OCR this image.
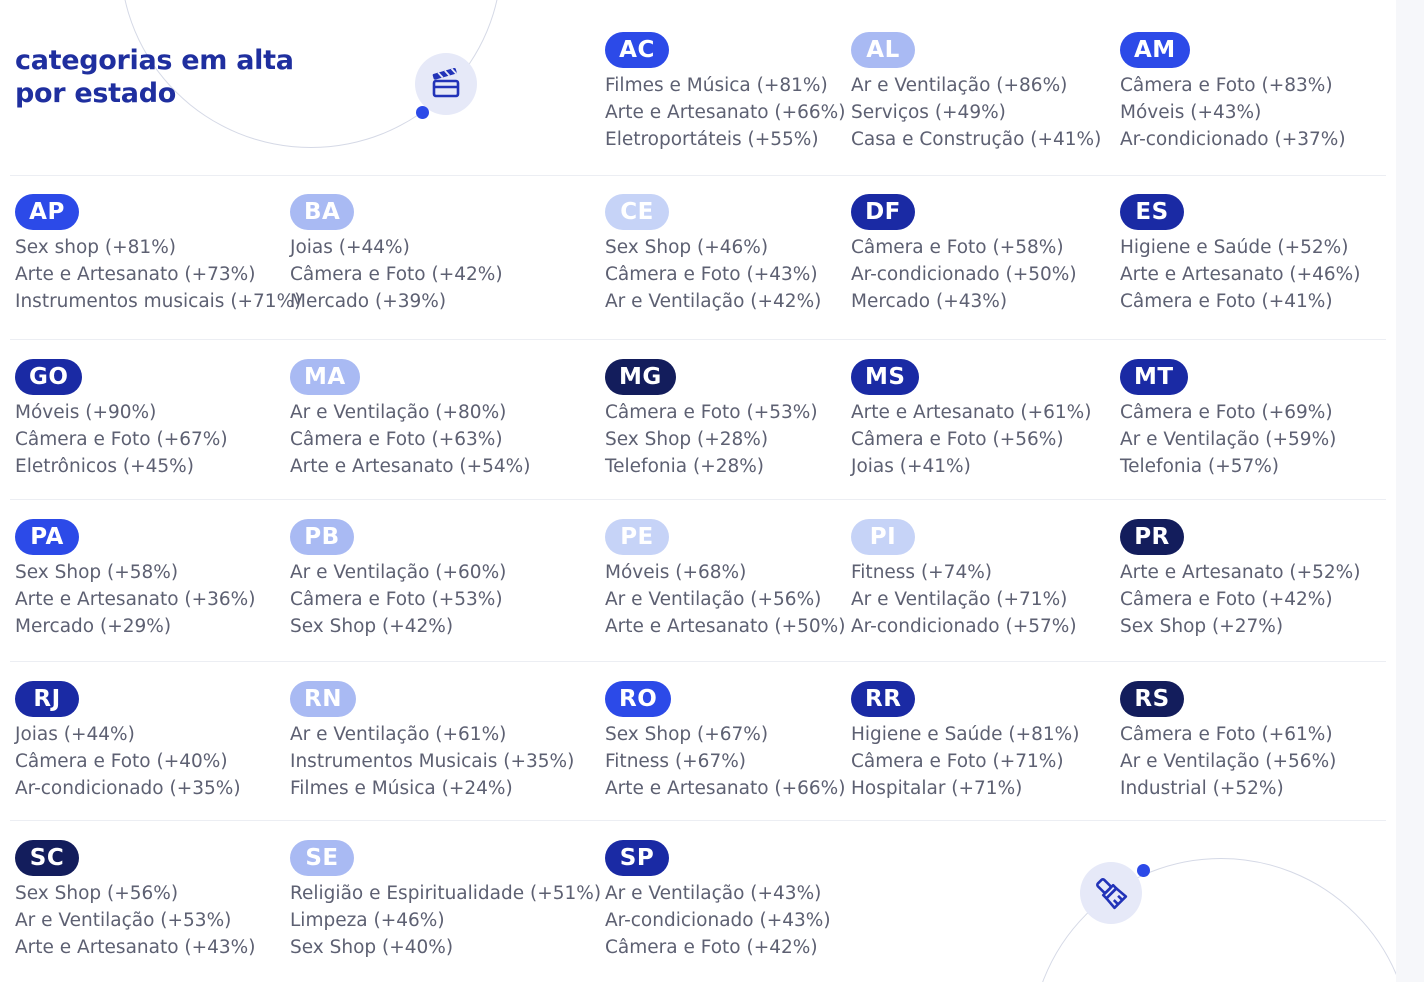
categorias em alta
por estado
AC
Filmes e Música (+81%)
Arte e Artesanato (+66%)
Eletroportáteis (+55%)
AL
Ar e Ventilação (+86%)
Serviços (+49%)
Casa e Construção (+41%)
AM
Câmera e Foto (+83%)
Móveis (+43%)
Ar-condicionado (+37%)
AP
Sex shop (+81%)
Arte e Artesanato (+73%)
Instrumentos musicais (+71%)
BA
Joias (+44%)
Câmera e Foto (+42%)
Mercado (+39%)
CE
Sex Shop (+46%)
Câmera e Foto (+43%)
Ar e Ventilação (+42%)
DF
Câmera e Foto (+58%)
Ar-condicionado (+50%)
Mercado (+43%)
ES
Higiene e Saúde (+52%)
Arte e Artesanato (+46%)
Câmera e Foto (+41%)
GO
Móveis (+90%)
Câmera e Foto (+67%)
Eletrônicos (+45%)
MA
Ar e Ventilação (+80%)
Câmera e Foto (+63%)
Arte e Artesanato (+54%)
MG
Câmera e Foto (+53%)
Sex Shop (+28%)
Telefonia (+28%)
MS
Arte e Artesanato (+61%)
Câmera e Foto (+56%)
Joias (+41%)
MT
Câmera e Foto (+69%)
Ar e Ventilação (+59%)
Telefonia (+57%)
PA
Sex Shop (+58%)
Arte e Artesanato (+36%)
Mercado (+29%)
PB
Ar e Ventilação (+60%)
Câmera e Foto (+53%)
Sex Shop (+42%)
PE
Móveis (+68%)
Ar e Ventilação (+56%)
Arte e Artesanato (+50%)
PI
Fitness (+74%)
Ar e Ventilação (+71%)
Ar-condicionado (+57%)
PR
Arte e Artesanato (+52%)
Câmera e Foto (+42%)
Sex Shop (+27%)
RJ
Joias (+44%)
Câmera e Foto (+40%)
Ar-condicionado (+35%)
RN
Ar e Ventilação (+61%)
Instrumentos Musicais (+35%)
Filmes e Música (+24%)
RO
Sex Shop (+67%)
Fitness (+67%)
Arte e Artesanato (+66%)
RR
Higiene e Saúde (+81%)
Câmera e Foto (+71%)
Hospitalar (+71%)
RS
Câmera e Foto (+61%)
Ar e Ventilação (+56%)
Industrial (+52%)
SC
Sex Shop (+56%)
Ar e Ventilação (+53%)
Arte e Artesanato (+43%)
SE
Religião e Espiritualidade (+51%)
Limpeza (+46%)
Sex Shop (+40%)
SP
Ar e Ventilação (+43%)
Ar-condicionado (+43%)
Câmera e Foto (+42%)
